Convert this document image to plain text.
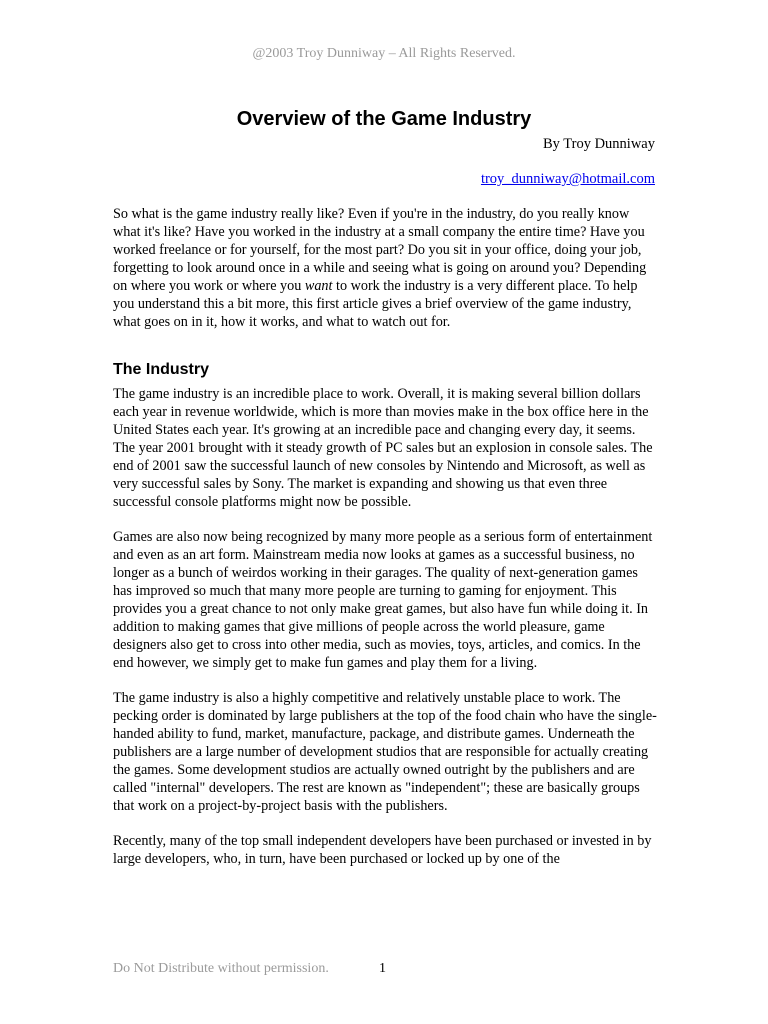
@2003 Troy Dunniway – All Rights Reserved.
Overview of the Game Industry
By Troy Dunniway
troy_dunniway@hotmail.com

So what is the game industry really like? Even if you're in the industry, do you really know what it's like? Have you worked in the industry at a small company the entire time? Have you worked freelance or for yourself, for the most part? Do you sit in your office, doing your job, forgetting to look around once in a while and seeing what is going on around you? Depending on where you work or where you want to work the industry is a very different place. To help you understand this a bit more, this first article gives a brief overview of the game industry, what goes on in it, how it works, and what to watch out for.

The Industry

The game industry is an incredible place to work. Overall, it is making several billion dollars each year in revenue worldwide, which is more than movies make in the box office here in the United States each year. It's growing at an incredible pace and changing every day, it seems. The year 2001 brought with it steady growth of PC sales but an explosion in console sales. The end of 2001 saw the successful launch of new consoles by Nintendo and Microsoft, as well as very successful sales by Sony. The market is expanding and showing us that even three successful console platforms might now be possible.

Games are also now being recognized by many more people as a serious form of entertainment and even as an art form. Mainstream media now looks at games as a successful business, no longer as a bunch of weirdos working in their garages. The quality of next-generation games has improved so much that many more people are turning to gaming for enjoyment. This provides you a great chance to not only make great games, but also have fun while doing it. In addition to making games that give millions of people across the world pleasure, game designers also get to cross into other media, such as movies, toys, articles, and comics. In the end however, we simply get to make fun games and play them for a living.

The game industry is also a highly competitive and relatively unstable place to work. The pecking order is dominated by large publishers at the top of the food chain who have the single-handed ability to fund, market, manufacture, package, and distribute games. Underneath the publishers are a large number of development studios that are responsible for actually creating the games. Some development studios are actually owned outright by the publishers and are called "internal" developers. The rest are known as "independent"; these are basically groups that work on a project-by-project basis with the publishers.

Recently, many of the top small independent developers have been purchased or invested in by large developers, who, in turn, have been purchased or locked up by one of the

Do Not Distribute without permission.	1
